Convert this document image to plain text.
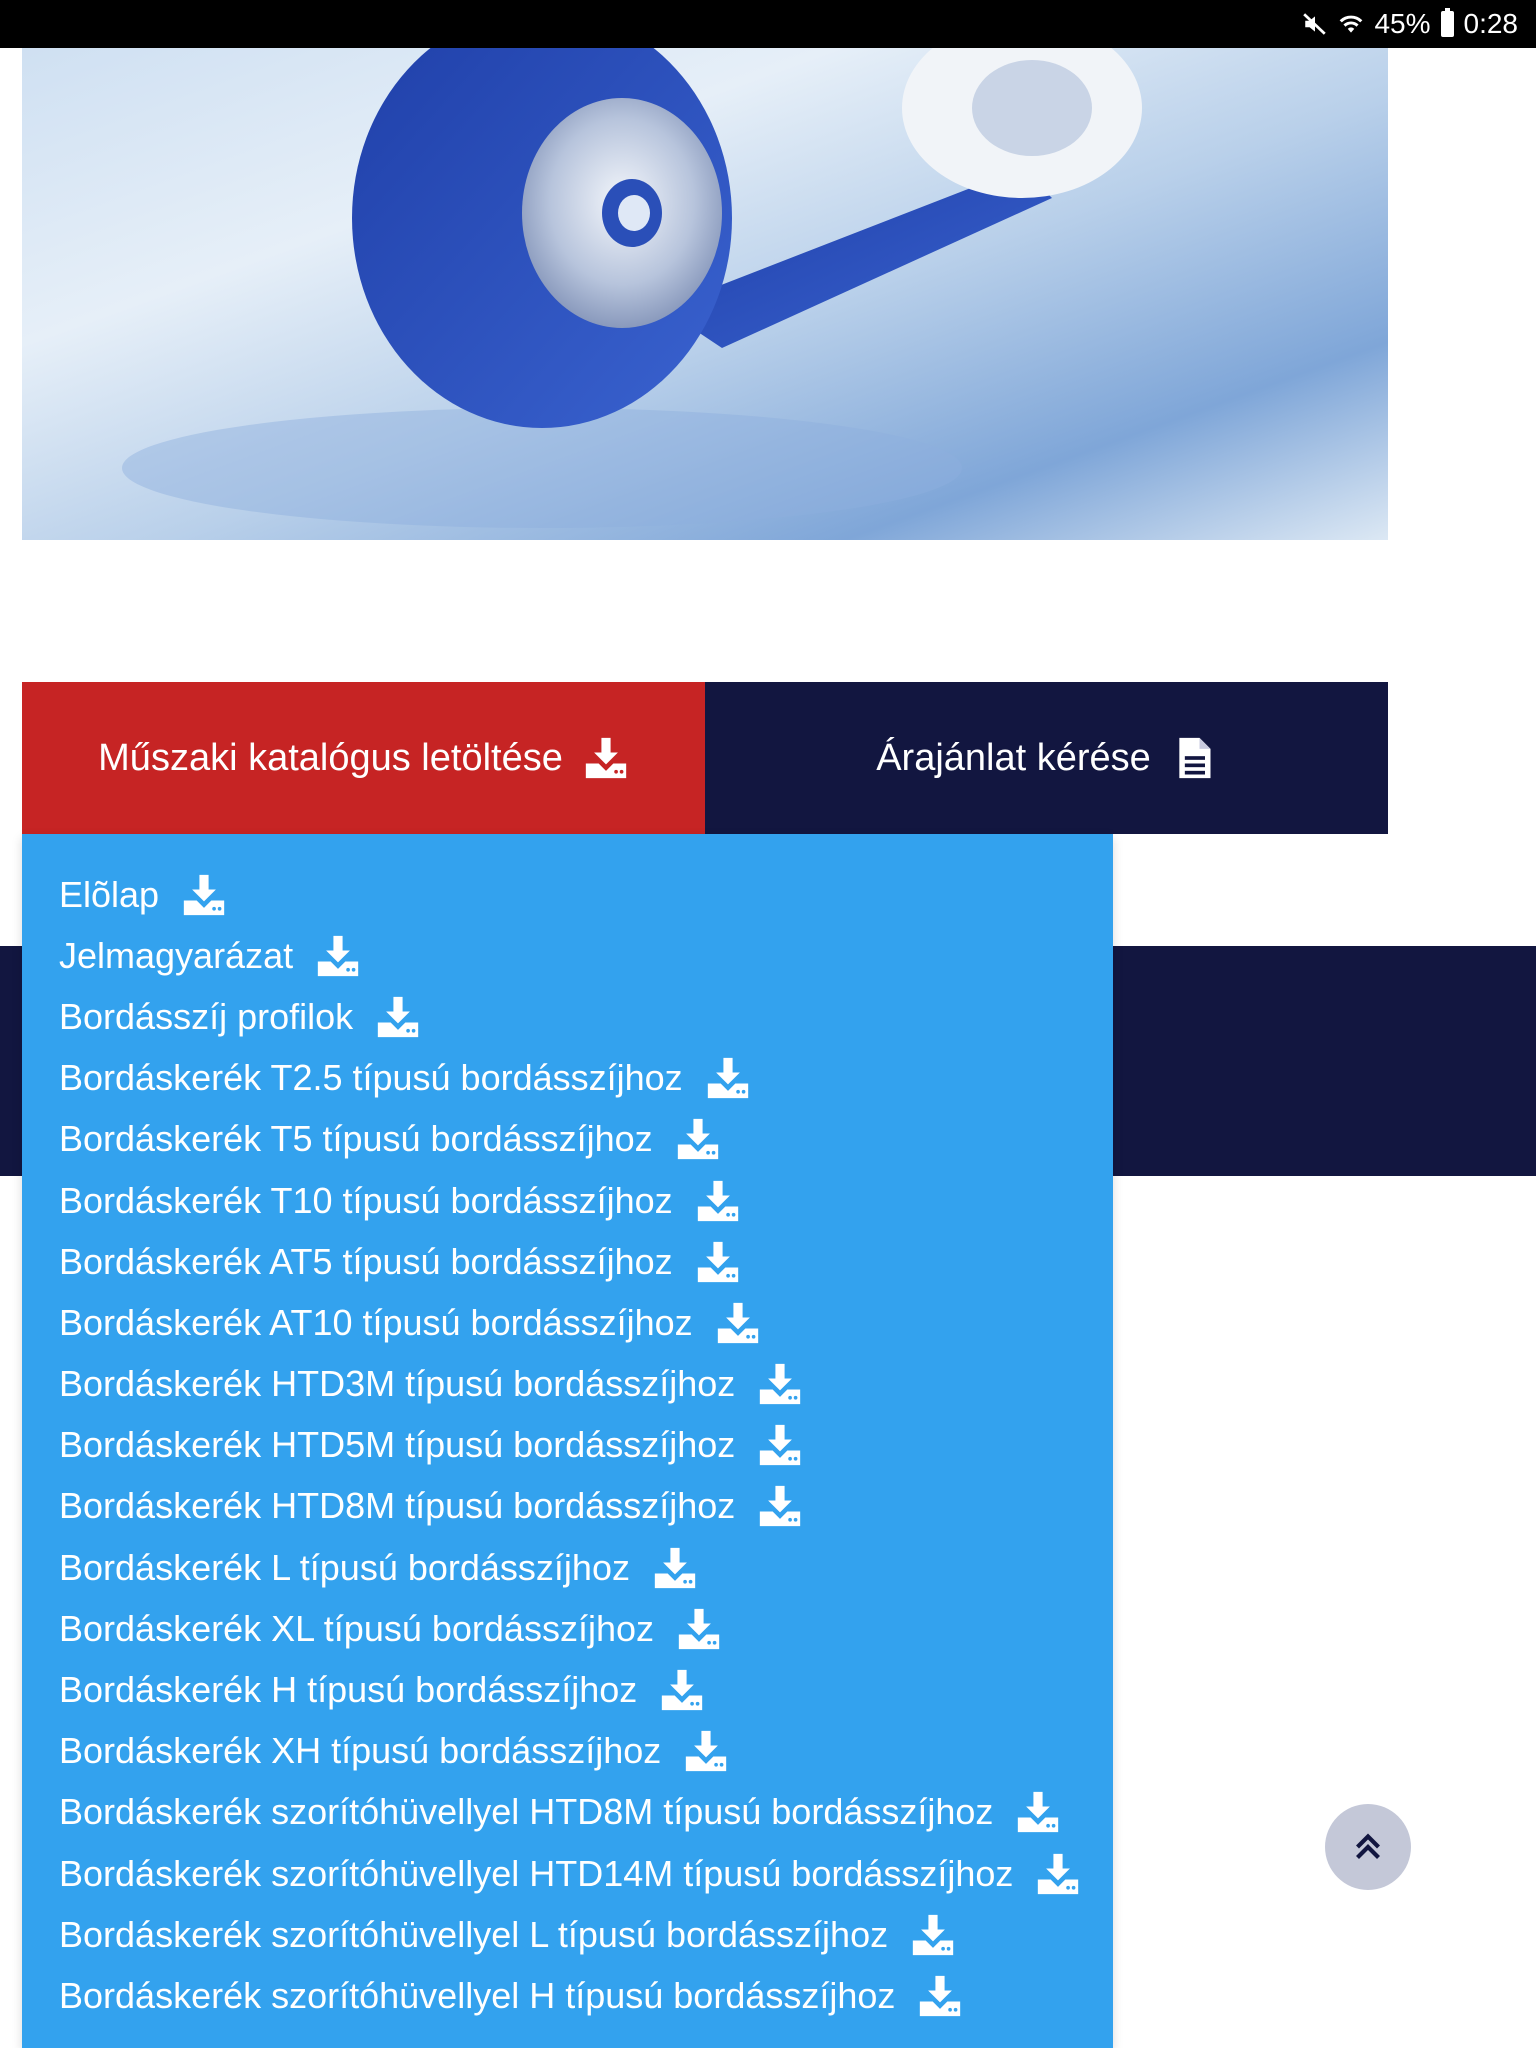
45% 0:28
Műszaki katalógus letöltése	Árajánlat kérése
Elõlap
Jelmagyarázat
Bordásszíj profilok
Bordáskerék T2.5 típusú bordásszíjhoz
Bordáskerék T5 típusú bordásszíjhoz
Bordáskerék T10 típusú bordásszíjhoz
Bordáskerék AT5 típusú bordásszíjhoz
Bordáskerék AT10 típusú bordásszíjhoz
Bordáskerék HTD3M típusú bordásszíjhoz
Bordáskerék HTD5M típusú bordásszíjhoz
Bordáskerék HTD8M típusú bordásszíjhoz
Bordáskerék L típusú bordásszíjhoz
Bordáskerék XL típusú bordásszíjhoz
Bordáskerék H típusú bordásszíjhoz
Bordáskerék XH típusú bordásszíjhoz
Bordáskerék szorítóhüvellyel HTD8M típusú bordásszíjhoz
Bordáskerék szorítóhüvellyel HTD14M típusú bordásszíjhoz
Bordáskerék szorítóhüvellyel L típusú bordásszíjhoz
Bordáskerék szorítóhüvellyel H típusú bordásszíjhoz
